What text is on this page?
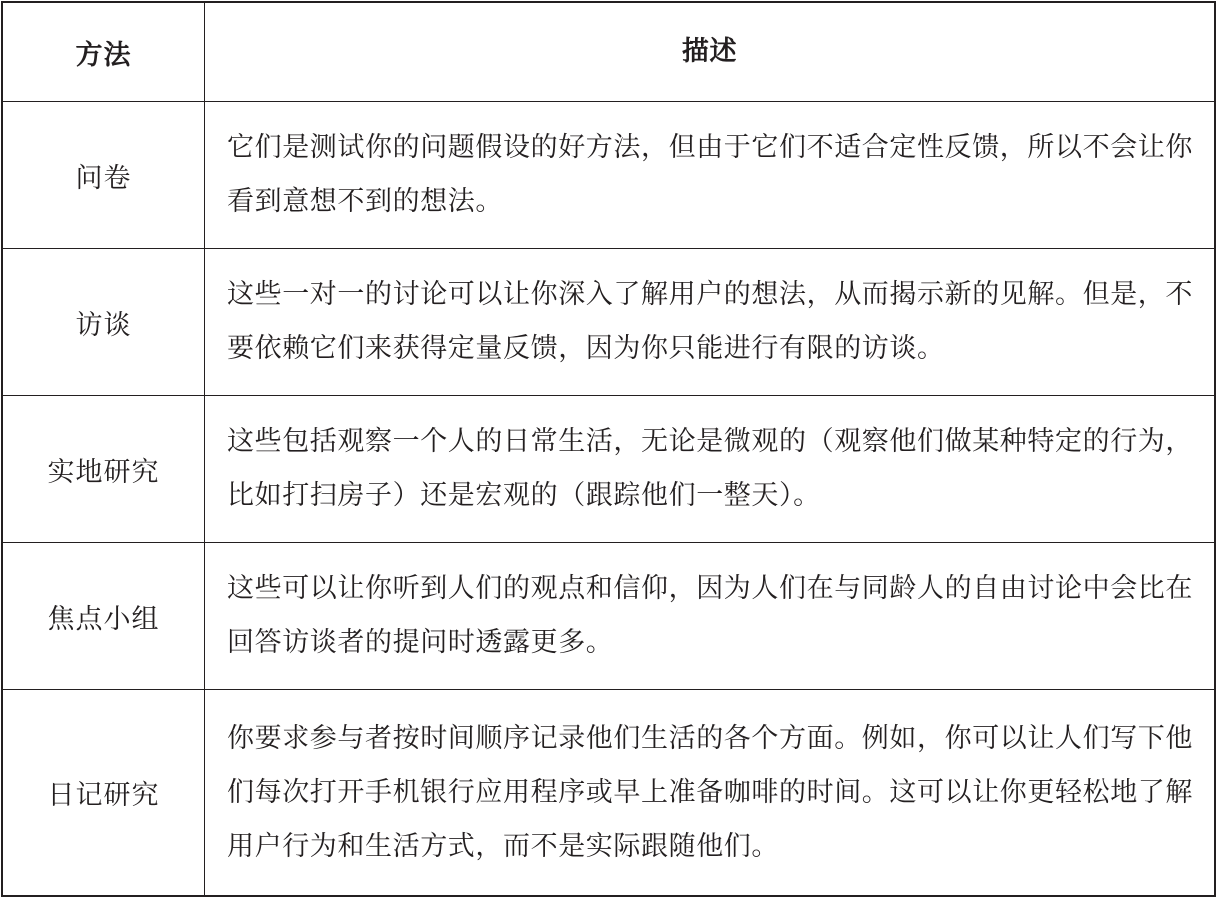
方法	描述
问卷
它们是测试你的问题假设的好方法，但由于它们不适合定性反馈，所以不会让你看到意想不到的想法。
访谈
这些一对一的讨论可以让你深入了解用户的想法，从而揭示新的见解。但是，不要依赖它们来获得定量反馈，因为你只能进行有限的访谈。
实地研究
这些包括观察一个人的日常生活，无论是微观的（观察他们做某种特定的行为，比如打扫房子）还是宏观的（跟踪他们一整天）。
焦点小组
这些可以让你听到人们的观点和信仰，因为人们在与同龄人的自由讨论中会比在回答访谈者的提问时透露更多。
日记研究
你要求参与者按时间顺序记录他们生活的各个方面。例如，你可以让人们写下他们每次打开手机银行应用程序或早上准备咖啡的时间。这可以让你更轻松地了解用户行为和生活方式，而不是实际跟随他们。
